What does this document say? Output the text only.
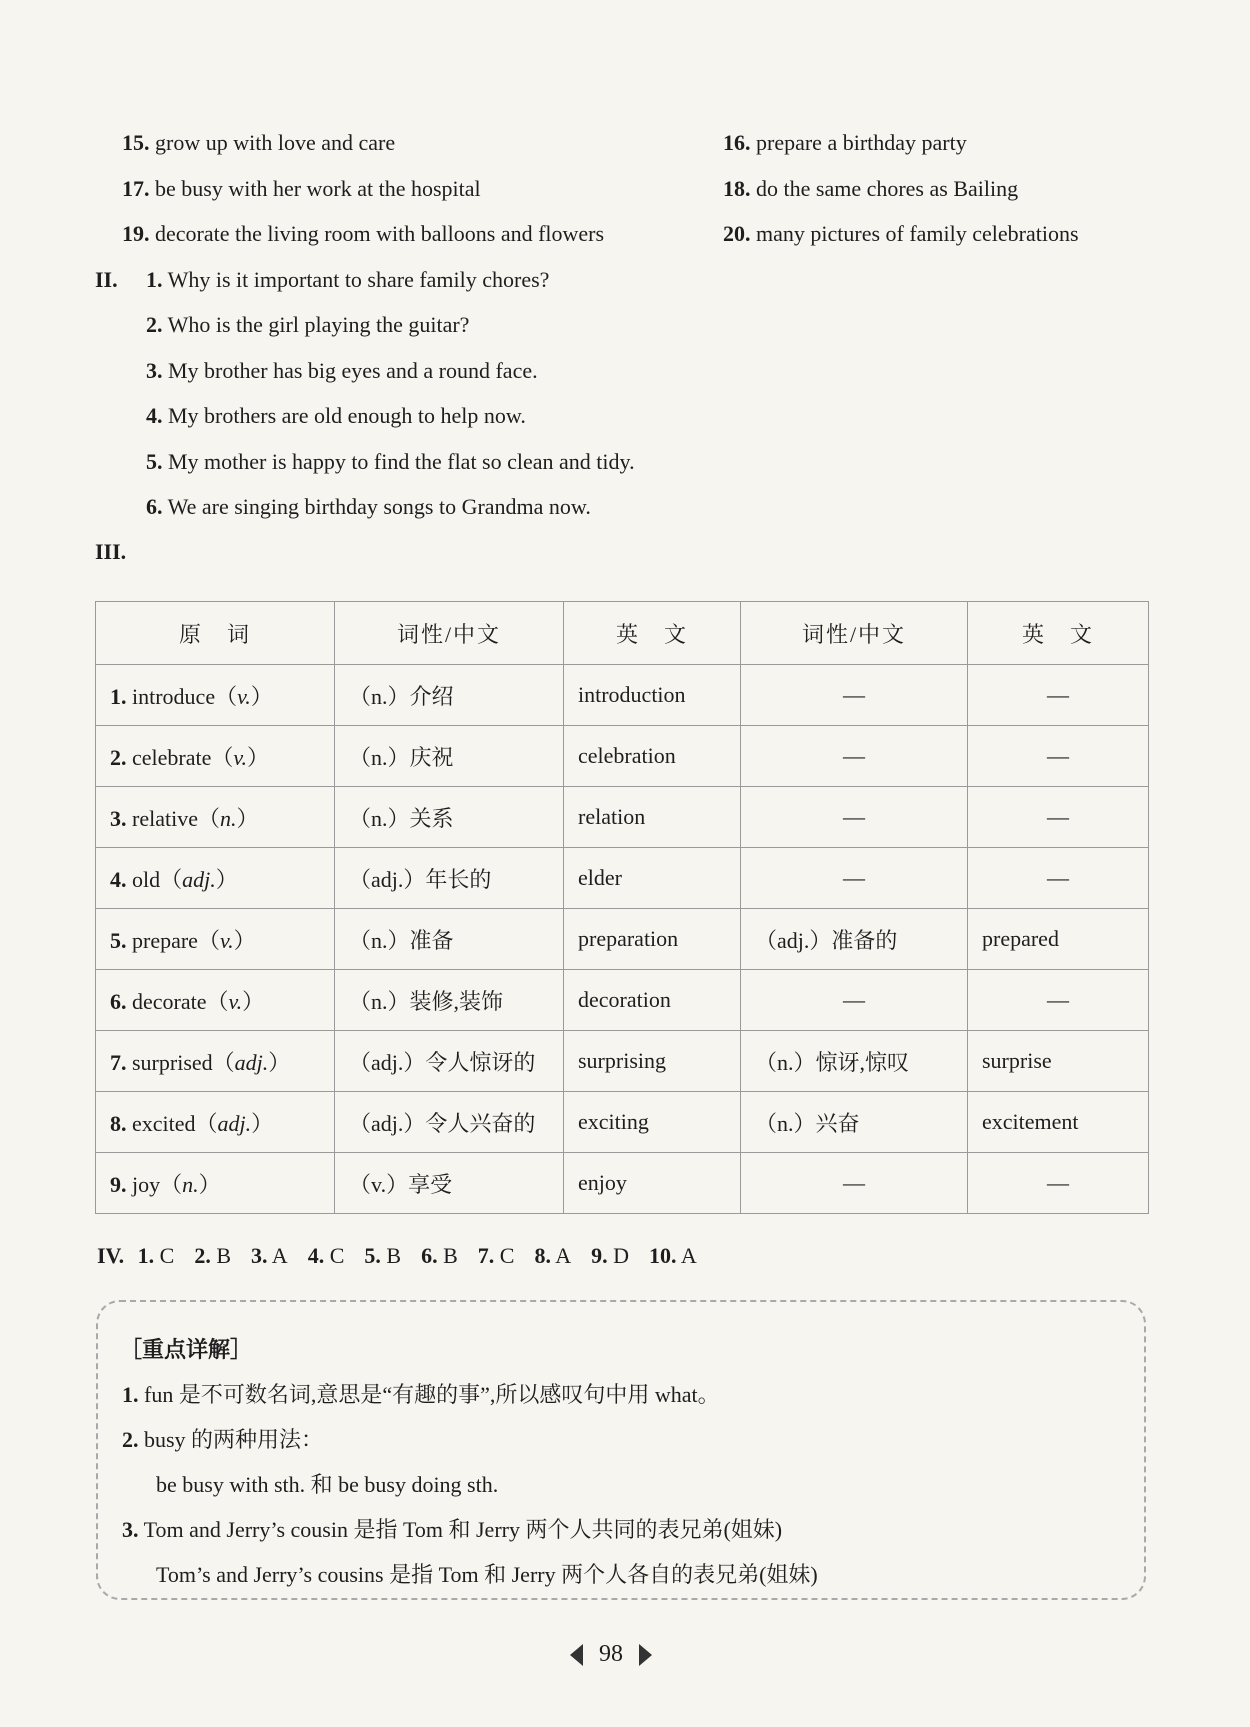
15. grow up with love and care	16. prepare a birthday party
17. be busy with her work at the hospital	18. do the same chores as Bailing
19. decorate the living room with balloons and flowers	20. many pictures of family celebrations
II. 1. Why is it important to share family chores?
2. Who is the girl playing the guitar?
3. My brother has big eyes and a round face.
4. My brothers are old enough to help now.
5. My mother is happy to find the flat so clean and tidy.
6. We are singing birthday songs to Grandma now.
III.
原　词	词性/中文	英　文	词性/中文	英　文
1. introduce（v.）	（n.）介绍	introduction	—	—
2. celebrate（v.）	（n.）庆祝	celebration	—	—
3. relative（n.）	（n.）关系	relation	—	—
4. old（adj.）	（adj.）年长的	elder	—	—
5. prepare（v.）	（n.）准备	preparation	（adj.）准备的	prepared
6. decorate（v.）	（n.）装修,装饰	decoration	—	—
7. surprised（adj.）	（adj.）令人惊讶的	surprising	（n.）惊讶,惊叹	surprise
8. excited（adj.）	（adj.）令人兴奋的	exciting	（n.）兴奋	excitement
9. joy（n.）	（v.）享受	enjoy	—	—
IV. 1. C 2. B 3. A 4. C 5. B 6. B 7. C 8. A 9. D 10. A
［重点详解］
1. fun 是不可数名词,意思是“有趣的事”,所以感叹句中用 what。
2. busy 的两种用法：
be busy with sth. 和 be busy doing sth.
3. Tom and Jerry’s cousin 是指 Tom 和 Jerry 两个人共同的表兄弟(姐妹)
Tom’s and Jerry’s cousins 是指 Tom 和 Jerry 两个人各自的表兄弟(姐妹)
98
